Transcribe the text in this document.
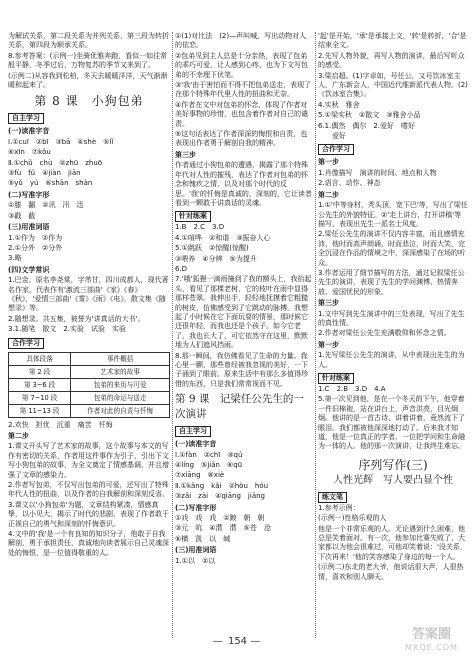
为解试关系，第二段关系为并列关系，第三段为转折关系，第四段为顺承关系。

8.参考答案：(示例一)坐骑优雅奔跑，看似一如往常般平静，冬季过后，万物复苏的季节又来到了。

(示例二)从容我到松柏，冬天去暖暖洋洋，天气渐渐暖和起来了。

第 8 课　小狗包弟

自主学习

(一)读准字音

Ⅰ.①cuī　②bī　③bā　④shè　⑤lǐ

⑥xīn　⑦kǒu

Ⅱ.①chǔ　chù　②zhū　zhuō

③fù　fǔ　④jiàn　jiān

⑤yǔ　yú　⑥shān　shàn

(二)写准字形

①膝　翻　②讯　汛　迅

③戳　截

(三)用准词语

1.①作为　②作为

2.①分外　②分外

3.略

(四)文学常识

1.巴金。原名李尧棠，字芾甘，四川成都人，现代著名作家。代表作有'激流三部曲'《家》《春》《秋》，'爱情三部曲'《雾》《雨》《电》，散文集《随想录》等。

2.随想录。共五集，被誉为'讲真话的大书'。

3.1.随笔　散文　2.实验　试验　实验

合作学习
具体段落	事件概括
第 2 段	艺术家的故事
第 3~6 段	包弟的来历与可爱
第 7~10 段	包弟的命运与送走
第 11~13 段	作者对此的自责与忏悔

2.欢快　担忧　沉重　痛苦　忏悔

第二步

1.课文开头写了艺术家的故事，这个故事与本文的写作有密切的关系，作者用这件事作为引子，引出下文写小狗包弟的故事，为全文奠定了情感基调，并且增强了文章的感染力。

2.作者写包弟，不仅写出包弟的可爱，还写出了特殊年代人性的扭曲，以及作者的自我解剖和深刻反省。

3.课文以'小狗包弟'为题，文章结构紧凑，情感真挚，以小见大，揭示了时代的悲剧，表现了作者敢于正视自己的勇气和深刻的忏悔意识。

4.文中的'我'是一个有良知的知识分子，他敢于自我解剖，勇于承担责任，真诚地向读者展示自己灵魂深处的悔恨，是一位值得敬重的人。

①(1)对比法　(2)—声叫喊，写出动物对人的依恋。

②包弟见到主人总是十分亲热，表现了包弟的乖巧可爱，让人感到心疼，也为下文写包弟的不幸埋下伏笔。

③'我'由于害怕而不得不把包弟送走，表现了在那个特殊年代里人性的扭曲和无奈。

④作者在文中对包弟的怀念，体现了作者对美好事物的珍惜，也包含着作者对自己的谴责。

⑤这句话表达了作者深深的悔恨和自责，也表现出作者勇于解剖自我的精神。

第三步

作者通过小狗包弟的遭遇，揭露了那个特殊年代对人性的摧残，表达了作者对包弟的怀念和愧疚之情，以及对那个时代的反思。'我'的忏悔是真诚的，深刻的，它让读者看到一颗敢于讲真话的灵魂。

针对练案

1.B　2.C　3.D

4.①喧哗　②和谐　③振奋人心

5.①跳跃　②惊醒(惊醒)

③喂养　④分辨　⑤为提升

6.D

7.'哦'狐狸一滴雨撞到了我的额头上，我抬起头，看见了那棵老树，它的枝叶在雨中显得那样苍翠。我伸出手，轻轻地抚摸着它粗糙的树皮，仿佛感受到了它跳动的脉搏。我想起了小时候在它下面玩耍的情景，那时候它还很年轻，而我也还是个孩子。如今它老了，我也长大了，可它依然守在这里，默默地为人们遮风挡雨。

8.那一瞬间，我仿佛看见了生命的力量。我心里一颤，那些曾经被我忽视的美好，一下子涌到了眼前。原来生活中有那么多值得珍惜的东西，只是我们常常视而不见。

第 9 课　记梁任公先生的一次演讲

自主学习

(一)读准字音

Ⅰ.①fàn　②chī　③qú

④líng　⑤jiǎn　⑥qū

⑦xiāng　⑧xiè

Ⅱ.①kǎng　kǎi　②hòu　hóu

③zǎi　zài　④qiāng　jiāng

(二)写准字形

①戏　戏　戏　②踱　朝　朝

③元　吭　④潸　潸　⑤苍　沧

⑥横　凯　以　缄

(三)用准词语

1.①以　②以

'起'是开始，'承'是承接上文，'转'是转折，'合'是结束全文。

2.先写人物外貌，再写人物的演讲，最后写听众的感受。

3.梁启超。(1)字卓如，号任公，又号饮冰室主人，广东新会人，中国近代维新派代表人物。(2)《饮冰室合集》。

4.实秋　雅舍

5.①梁实秋　②散文　③雅舍小品

6.1.偶然　偶尔　2.爱好　嗜好

　　爱好

合作学习

第一步

1.肖像描写　演讲的时间、地点和人物

2.语言、动作、神态

第二步

1.①'中等身材，秃头顶，宽下巴'等，写出了梁任公先生的外貌特征。②'走上讲台，打开讲稿'等描写，表现出先生一派名士风度。

2.梁任公先生的演讲不仅内容丰富，而且感情充沛，他时而高声朗诵，时而悲泣，时而大笑，完全沉浸在作品的情境之中，深深感染了在场的听众。

3.作者运用了细节描写的方法，通过记叙梁任公先生的演讲，表现了先生的学问渊博、热情奔放、爱国忧民的形象。

第三步

1.文中写到先生演讲中的三处表现，写出了先生的真性情。

2.作者对梁任公先生充满敬仰和怀念之情。

第一步

1.先写梁任公先生的演讲，从中表现出先生的为人。

针对练案

1.C　2.B　3.D　4.A

5.第一次见到他，是在一个冬天的下午，他穿着一件旧棉袍，站在讲台上，声音洪亮，目光炯炯。他讲的是一首古诗，讲着讲着，竟然流下了眼泪。我们都被他深深地打动了。后来我才知道，他是一位真正的学者，一位把学问和生命融为一体的人。他的那一次演讲，让我终生难忘。

序列写作(三)

人性光辉　写人要凸显个性

练文笔

1.参考示例：

(示例一)性格乐观的人

他是一个非常乐观的人。无论遇到什么困难，他总是笑着面对。有一次，他参加比赛失败了，大家都以为他会很难过，可他却笑着说：'没关系，下次再来！'他的笑容感染了身边的每一个人。

(示例二)东北的老大爷，他说话很大声，人很热情，喜欢和别人聊天。

— 154 —	答案圈
MXQE.COM
